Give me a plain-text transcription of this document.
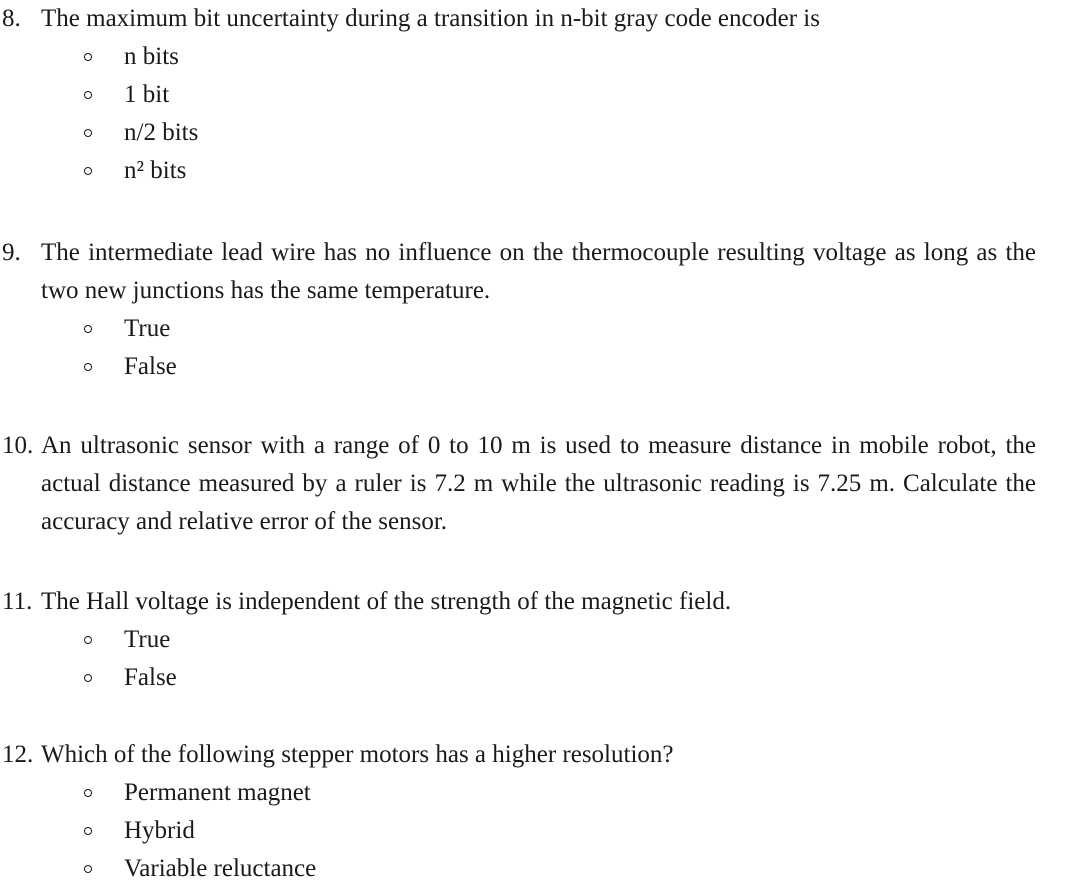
8. The maximum bit uncertainty during a transition in n-bit gray code encoder is
n bits
1 bit
n/2 bits
n² bits
9. The intermediate lead wire has no influence on the thermocouple resulting voltage as long as the two new junctions has the same temperature.
True
False
10. An ultrasonic sensor with a range of 0 to 10 m is used to measure distance in mobile robot, the actual distance measured by a ruler is 7.2 m while the ultrasonic reading is 7.25 m. Calculate the accuracy and relative error of the sensor.
11. The Hall voltage is independent of the strength of the magnetic field.
True
False
12. Which of the following stepper motors has a higher resolution?
Permanent magnet
Hybrid
Variable reluctance
